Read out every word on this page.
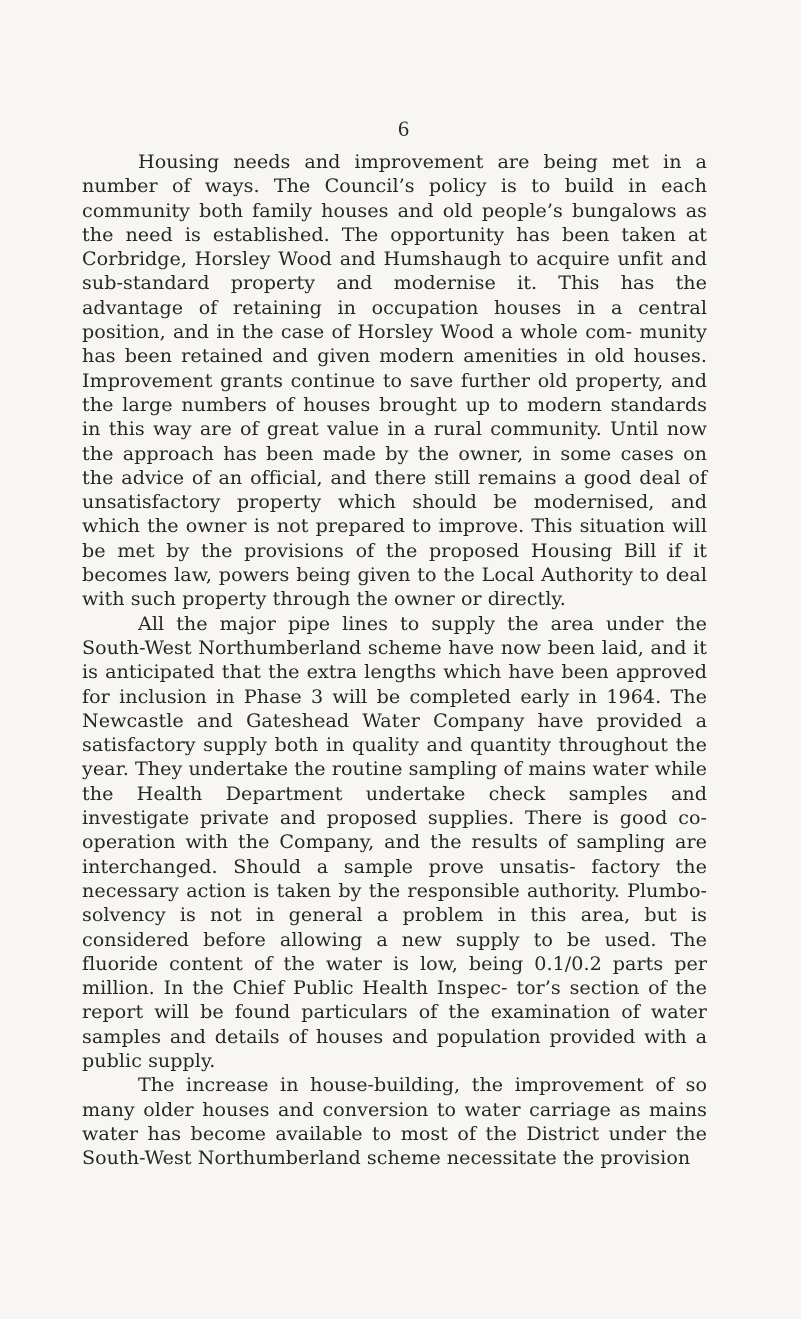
6

Housing needs and improvement are being met in a number of ways. The Council’s policy is to build in each community both family houses and old people’s bungalows as the need is established. The opportunity has been taken at Corbridge, Horsley Wood and Humshaugh to acquire unfit and sub-standard property and modernise it. This has the advantage of retaining in occupation houses in a central position, and in the case of Horsley Wood a whole com- munity has been retained and given modern amenities in old houses. Improvement grants continue to save further old property, and the large numbers of houses brought up to modern standards in this way are of great value in a rural community. Until now the approach has been made by the owner, in some cases on the advice of an official, and there still remains a good deal of unsatisfactory property which should be modernised, and which the owner is not prepared to improve. This situation will be met by the provisions of the proposed Housing Bill if it becomes law, powers being given to the Local Authority to deal with such property through the owner or directly.

All the major pipe lines to supply the area under the South-West Northumberland scheme have now been laid, and it is anticipated that the extra lengths which have been approved for inclusion in Phase 3 will be completed early in 1964. The Newcastle and Gateshead Water Company have provided a satisfactory supply both in quality and quantity throughout the year. They undertake the routine sampling of mains water while the Health Department undertake check samples and investigate private and proposed supplies. There is good co-operation with the Company, and the results of sampling are interchanged. Should a sample prove unsatis- factory the necessary action is taken by the responsible authority. Plumbo-solvency is not in general a problem in this area, but is considered before allowing a new supply to be used. The fluoride content of the water is low, being 0.1/0.2 parts per million. In the Chief Public Health Inspec- tor’s section of the report will be found particulars of the examination of water samples and details of houses and population provided with a public supply.

The increase in house-building, the improvement of so many older houses and conversion to water carriage as mains water has become available to most of the District under the South-West Northumberland scheme necessitate the provision
